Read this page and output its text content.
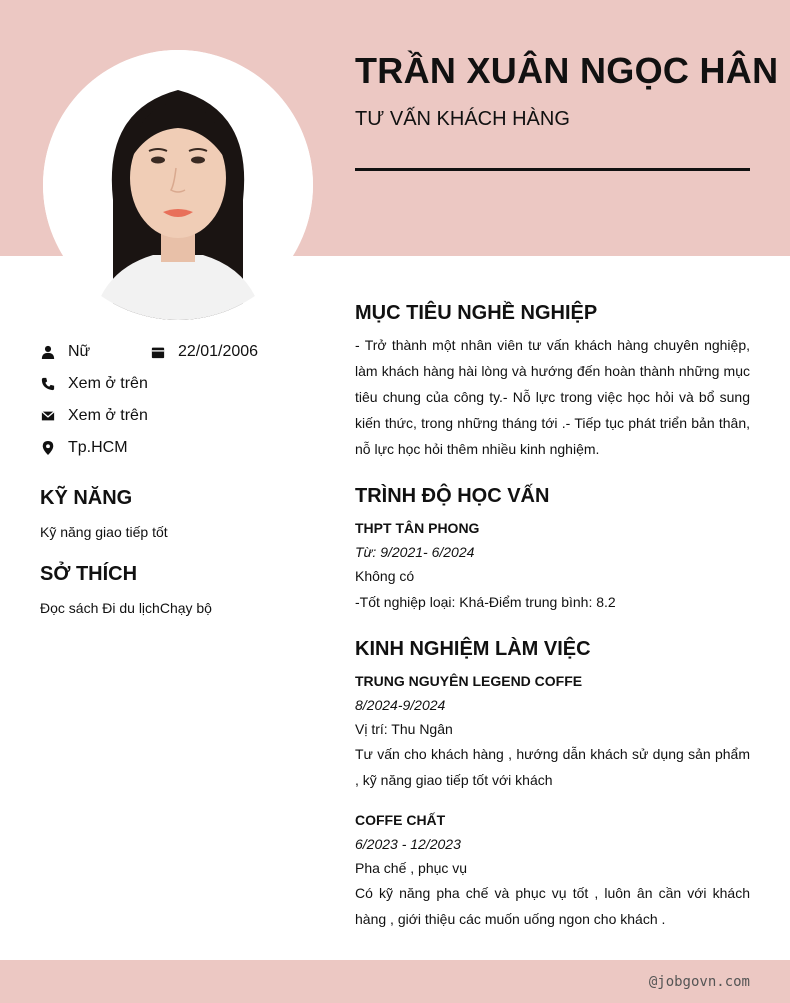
TRẦN XUÂN NGỌC HÂN
TƯ VẤN KHÁCH HÀNG
Nữ	22/01/2006
Xem ở trên
Xem ở trên
Tp.HCM
KỸ NĂNG
Kỹ năng giao tiếp tốt
SỞ THÍCH
Đọc sách Đi du lịchChạy bộ
MỤC TIÊU NGHỀ NGHIỆP
- Trở thành một nhân viên tư vấn khách hàng chuyên nghiệp, làm khách hàng hài lòng và hướng đến hoàn thành những mục tiêu chung của công ty.- Nỗ lực trong việc học hỏi và bổ sung kiến thức, trong những tháng tới .- Tiếp tục phát triển bản thân, nỗ lực học hỏi thêm nhiều kinh nghiệm.
TRÌNH ĐỘ HỌC VẤN
THPT TÂN PHONG
Từ: 9/2021- 6/2024
Không có
-Tốt nghiệp loại: Khá-Điểm trung bình: 8.2
KINH NGHIỆM LÀM VIỆC
TRUNG NGUYÊN LEGEND COFFE
8/2024-9/2024
Vị trí: Thu Ngân
Tư vấn cho khách hàng , hướng dẫn khách sử dụng sản phẩm , kỹ năng giao tiếp tốt với khách
COFFE CHẤT
6/2023 - 12/2023
Pha chế , phục vụ
Có kỹ năng pha chế và phục vụ tốt , luôn ân cần với khách hàng , giới thiệu các muốn uống ngon cho khách .
@jobgovn.com
